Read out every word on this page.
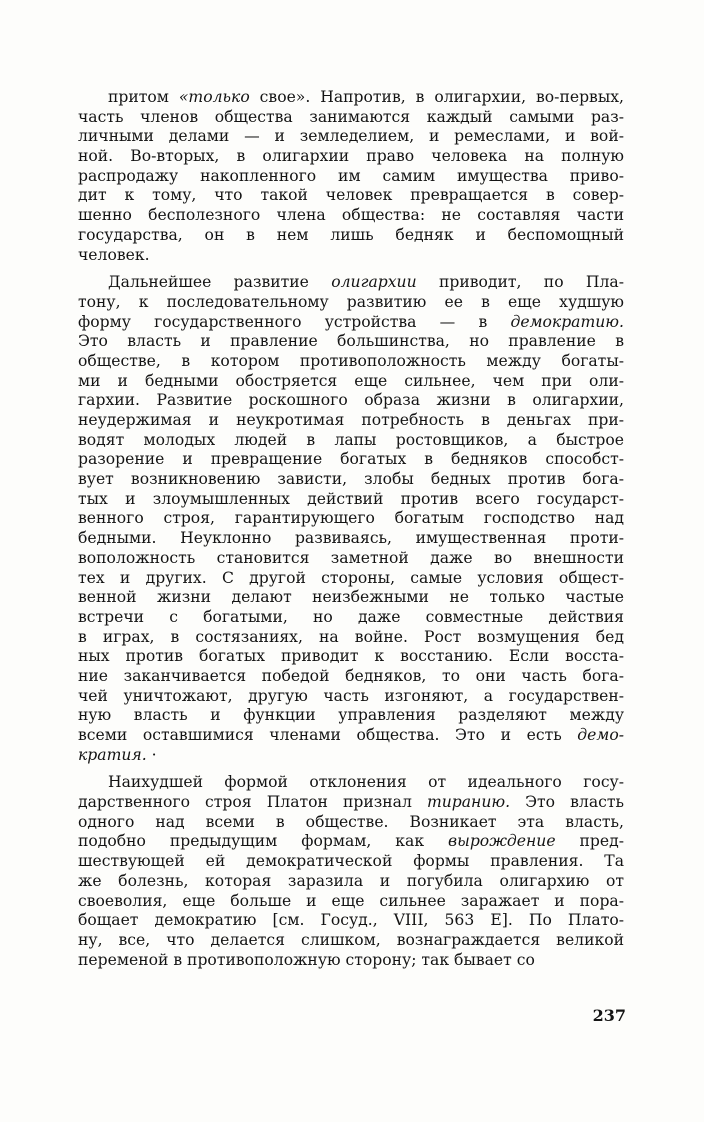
притом «только свое». Напротив, в олигархии, во-первых,
часть членов общества занимаются каждый самыми раз-
личными делами — и земледелием, и ремеслами, и вой-
ной. Во-вторых, в олигархии право человека на полную
распродажу накопленного им самим имущества приво-
дит к тому, что такой человек превращается в совер-
шенно бесполезного члена общества: не составляя части
государства, он в нем лишь бедняк и беспомощный
человек.
Дальнейшее развитие олигархии приводит, по Пла-
тону, к последовательному развитию ее в еще худшую
форму государственного устройства — в демократию.
Это власть и правление большинства, но правление в
обществе, в котором противоположность между богаты-
ми и бедными обостряется еще сильнее, чем при оли-
гархии. Развитие роскошного образа жизни в олигархии,
неудержимая и неукротимая потребность в деньгах при-
водят молодых людей в лапы ростовщиков, а быстрое
разорение и превращение богатых в бедняков способст-
вует возникновению зависти, злобы бедных против бога-
тых и злоумышленных действий против всего государст-
венного строя, гарантирующего богатым господство над
бедными. Неуклонно развиваясь, имущественная проти-
воположность становится заметной даже во внешности
тех и других. С другой стороны, самые условия общест-
венной жизни делают неизбежными не только частые
встречи с богатыми, но даже совместные действия
в играх, в состязаниях, на войне. Рост возмущения бед
ных против богатых приводит к восстанию. Если восста-
ние заканчивается победой бедняков, то они часть бога-
чей уничтожают, другую часть изгоняют, а государствен-
ную власть и функции управления разделяют между
всеми оставшимися членами общества. Это и есть демо-
кратия. ·
Наихудшей формой отклонения от идеального госу-
дарственного строя Платон признал тиранию. Это власть
одного над всеми в обществе. Возникает эта власть,
подобно предыдущим формам, как вырождение пред-
шествующей ей демократической формы правления. Та
же болезнь, которая заразила и погубила олигархию от
своеволия, еще больше и еще сильнее заражает и пора-
бощает демократию [см. Госуд., VIII, 563 E]. По Плато-
ну, все, что делается слишком, вознаграждается великой
переменой в противоположную сторону; так бывает со
237
